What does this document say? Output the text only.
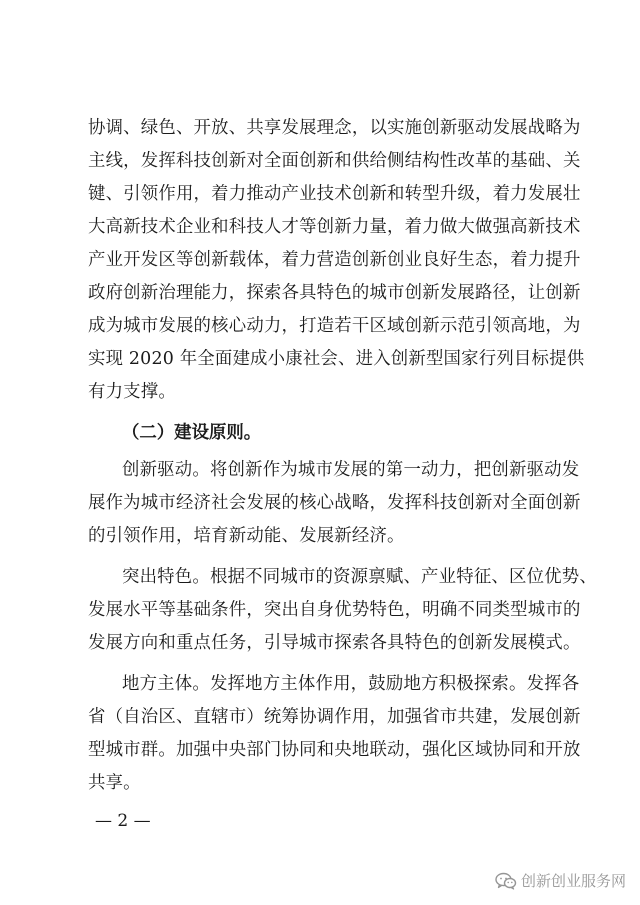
协调、绿色、开放、共享发展理念，以实施创新驱动发展战略为
主线，发挥科技创新对全面创新和供给侧结构性改革的基础、关
键、引领作用，着力推动产业技术创新和转型升级，着力发展壮
大高新技术企业和科技人才等创新力量，着力做大做强高新技术
产业开发区等创新载体，着力营造创新创业良好生态，着力提升
政府创新治理能力，探索各具特色的城市创新发展路径，让创新
成为城市发展的核心动力，打造若干区域创新示范引领高地，为
实现 2020 年全面建成小康社会、进入创新型国家行列目标提供
有力支撑。
（二）建设原则。
创新驱动。将创新作为城市发展的第一动力，把创新驱动发
展作为城市经济社会发展的核心战略，发挥科技创新对全面创新
的引领作用，培育新动能、发展新经济。
突出特色。根据不同城市的资源禀赋、产业特征、区位优势、
发展水平等基础条件，突出自身优势特色，明确不同类型城市的
发展方向和重点任务，引导城市探索各具特色的创新发展模式。
地方主体。发挥地方主体作用，鼓励地方积极探索。发挥各
省（自治区、直辖市）统筹协调作用，加强省市共建，发展创新
型城市群。加强中央部门协同和央地联动，强化区域协同和开放
共享。
— 2 —
创新创业服务网
